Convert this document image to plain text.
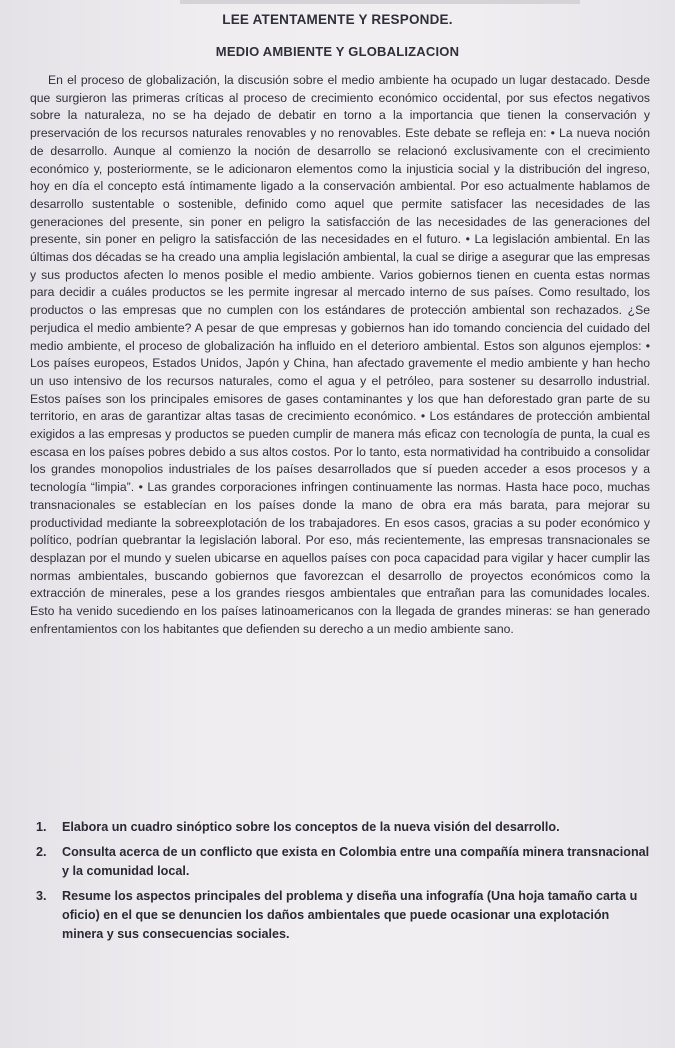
LEE ATENTAMENTE Y RESPONDE.
MEDIO AMBIENTE Y GLOBALIZACION

En el proceso de globalización, la discusión sobre el medio ambiente ha ocupado un lugar destacado. Desde que surgieron las primeras críticas al proceso de crecimiento económico occidental, por sus efectos negativos sobre la naturaleza, no se ha dejado de debatir en torno a la importancia que tienen la conservación y preservación de los recursos naturales renovables y no renovables. Este debate se refleja en: • La nueva noción de desarrollo. Aunque al comienzo la noción de desarrollo se relacionó exclusivamente con el crecimiento económico y, posteriormente, se le adicionaron elementos como la injusticia social y la distribución del ingreso, hoy en día el concepto está íntimamente ligado a la conservación ambiental. Por eso actualmente hablamos de desarrollo sustentable o sostenible, definido como aquel que permite satisfacer las necesidades de las generaciones del presente, sin poner en peligro la satisfacción de las necesidades de las generaciones del presente, sin poner en peligro la satisfacción de las necesidades en el futuro. • La legislación ambiental. En las últimas dos décadas se ha creado una amplia legislación ambiental, la cual se dirige a asegurar que las empresas y sus productos afecten lo menos posible el medio ambiente. Varios gobiernos tienen en cuenta estas normas para decidir a cuáles productos se les permite ingresar al mercado interno de sus países. Como resultado, los productos o las empresas que no cumplen con los estándares de protección ambiental son rechazados. ¿Se perjudica el medio ambiente? A pesar de que empresas y gobiernos han ido tomando conciencia del cuidado del medio ambiente, el proceso de globalización ha influido en el deterioro ambiental. Estos son algunos ejemplos: • Los países europeos, Estados Unidos, Japón y China, han afectado gravemente el medio ambiente y han hecho un uso intensivo de los recursos naturales, como el agua y el petróleo, para sostener su desarrollo industrial. Estos países son los principales emisores de gases contaminantes y los que han deforestado gran parte de su territorio, en aras de garantizar altas tasas de crecimiento económico. • Los estándares de protección ambiental exigidos a las empresas y productos se pueden cumplir de manera más eficaz con tecnología de punta, la cual es escasa en los países pobres debido a sus altos costos. Por lo tanto, esta normatividad ha contribuido a consolidar los grandes monopolios industriales de los países desarrollados que sí pueden acceder a esos procesos y a tecnología “limpia”. • Las grandes corporaciones infringen continuamente las normas. Hasta hace poco, muchas transnacionales se establecían en los países donde la mano de obra era más barata, para mejorar su productividad mediante la sobreexplotación de los trabajadores. En esos casos, gracias a su poder económico y político, podrían quebrantar la legislación laboral. Por eso, más recientemente, las empresas transnacionales se desplazan por el mundo y suelen ubicarse en aquellos países con poca capacidad para vigilar y hacer cumplir las normas ambientales, buscando gobiernos que favorezcan el desarrollo de proyectos económicos como la extracción de minerales, pese a los grandes riesgos ambientales que entrañan para las comunidades locales. Esto ha venido sucediendo en los países latinoamericanos con la llegada de grandes mineras: se han generado enfrentamientos con los habitantes que defienden su derecho a un medio ambiente sano.

1.	Elabora un cuadro sinóptico sobre los conceptos de la nueva visión del desarrollo.
2.	Consulta acerca de un conflicto que exista en Colombia entre una compañía minera transnacional y la comunidad local.
3.	Resume los aspectos principales del problema y diseña una infografía (Una hoja tamaño carta u oficio) en el que se denuncien los daños ambientales que puede ocasionar una explotación minera y sus consecuencias sociales.
